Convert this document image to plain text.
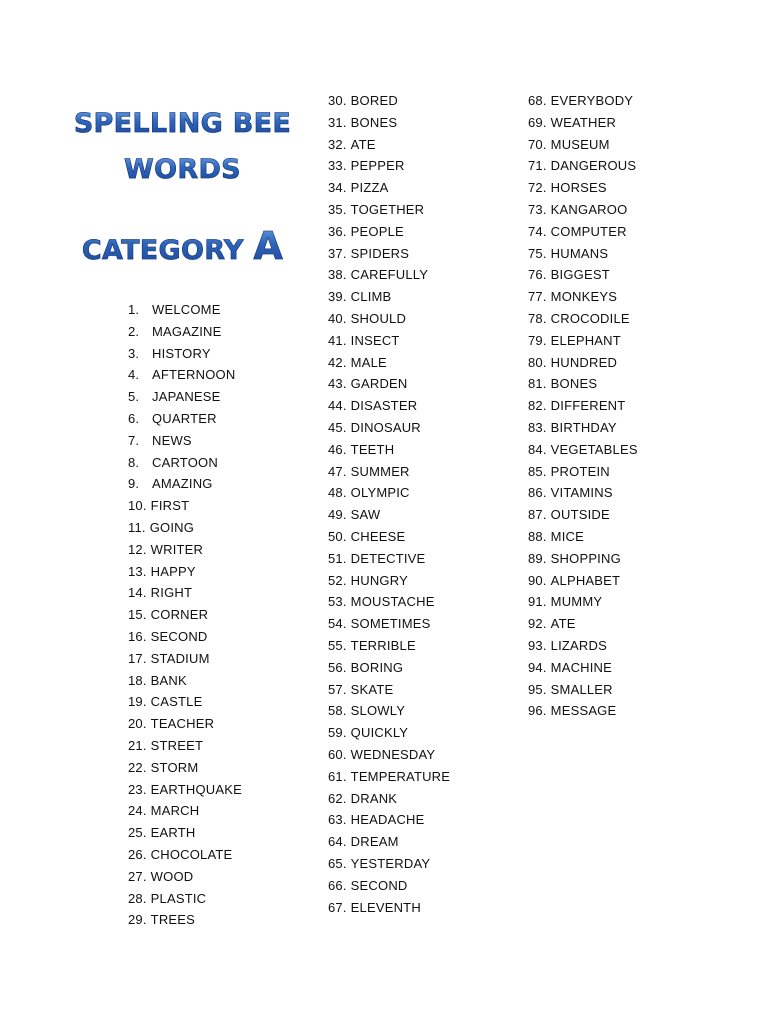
SPELLING BEE
WORDS
CATEGORY A
1. WELCOME
2. MAGAZINE
3. HISTORY
4. AFTERNOON
5. JAPANESE
6. QUARTER
7. NEWS
8. CARTOON
9. AMAZING
10. FIRST
11. GOING
12. WRITER
13. HAPPY
14. RIGHT
15. CORNER
16. SECOND
17. STADIUM
18. BANK
19. CASTLE
20. TEACHER
21. STREET
22. STORM
23. EARTHQUAKE
24. MARCH
25. EARTH
26. CHOCOLATE
27. WOOD
28. PLASTIC
29. TREES
30. BORED
31. BONES
32. ATE
33. PEPPER
34. PIZZA
35. TOGETHER
36. PEOPLE
37. SPIDERS
38. CAREFULLY
39. CLIMB
40. SHOULD
41. INSECT
42. MALE
43. GARDEN
44. DISASTER
45. DINOSAUR
46. TEETH
47. SUMMER
48. OLYMPIC
49. SAW
50. CHEESE
51. DETECTIVE
52. HUNGRY
53. MOUSTACHE
54. SOMETIMES
55. TERRIBLE
56. BORING
57. SKATE
58. SLOWLY
59. QUICKLY
60. WEDNESDAY
61. TEMPERATURE
62. DRANK
63. HEADACHE
64. DREAM
65. YESTERDAY
66. SECOND
67. ELEVENTH
68. EVERYBODY
69. WEATHER
70. MUSEUM
71. DANGEROUS
72. HORSES
73. KANGAROO
74. COMPUTER
75. HUMANS
76. BIGGEST
77. MONKEYS
78. CROCODILE
79. ELEPHANT
80. HUNDRED
81. BONES
82. DIFFERENT
83. BIRTHDAY
84. VEGETABLES
85. PROTEIN
86. VITAMINS
87. OUTSIDE
88. MICE
89. SHOPPING
90. ALPHABET
91. MUMMY
92. ATE
93. LIZARDS
94. MACHINE
95. SMALLER
96. MESSAGE
